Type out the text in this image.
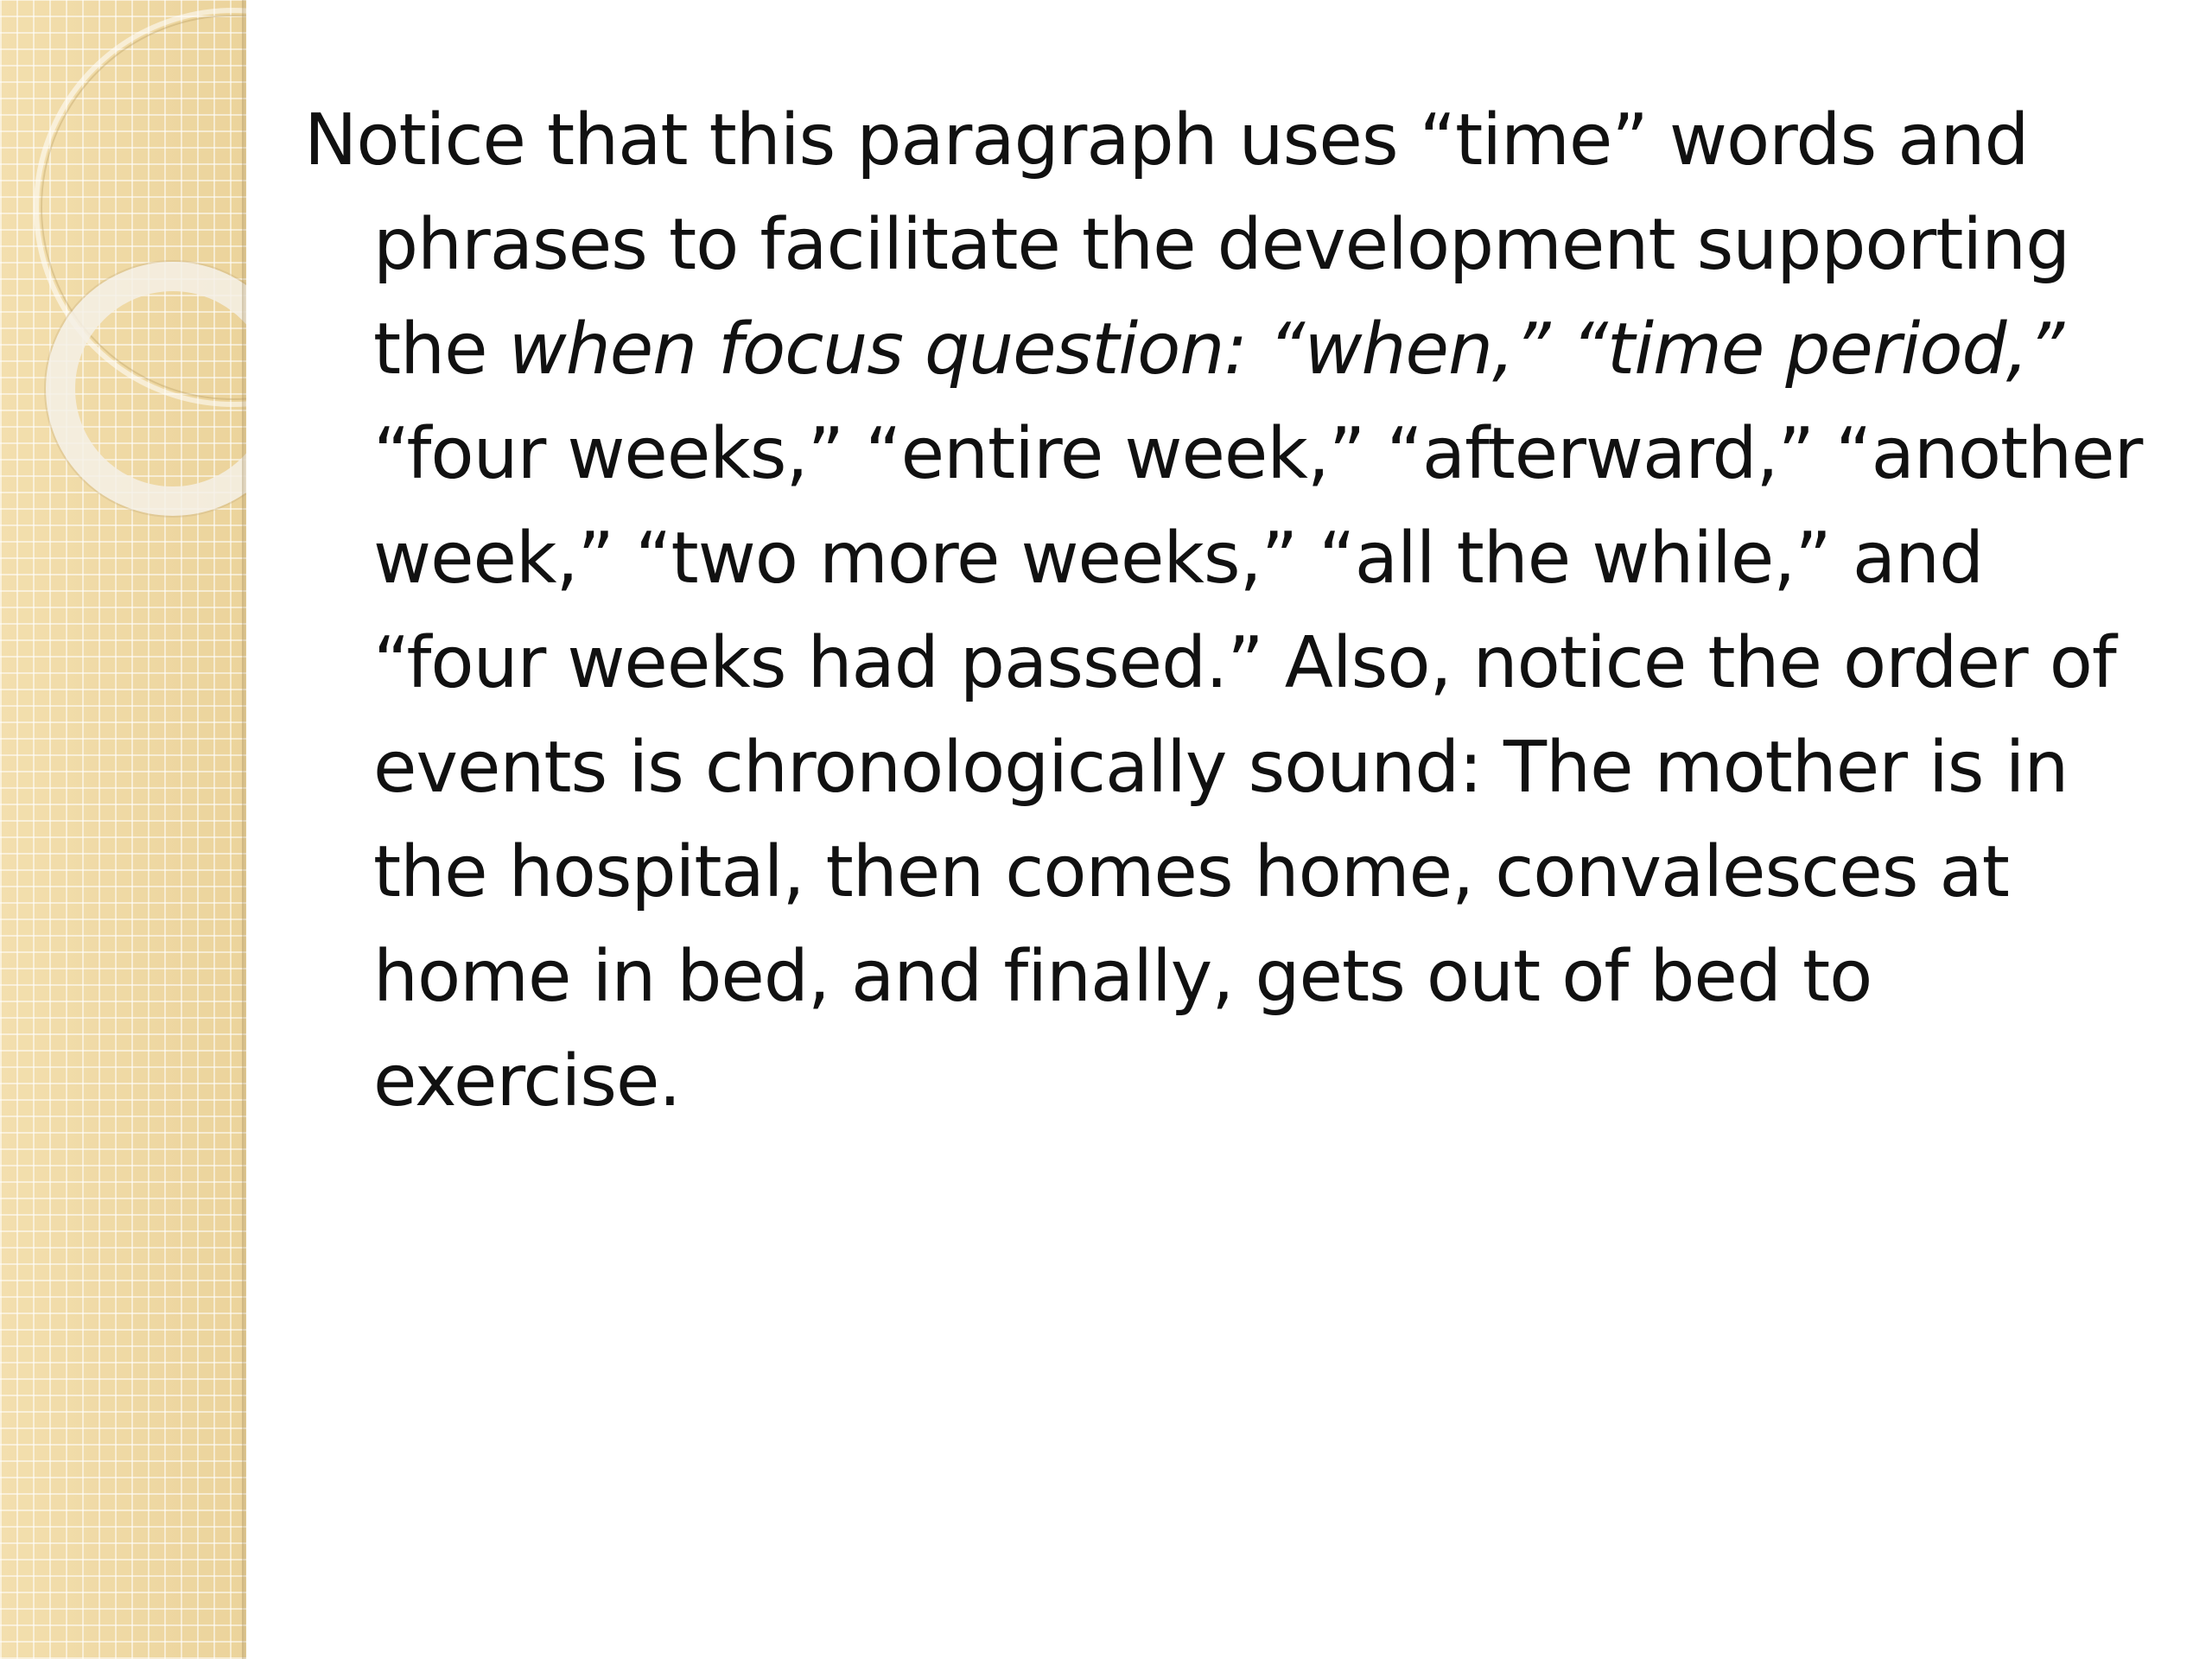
Notice that this paragraph uses “time” words and phrases to facilitate the development supporting the when focus question: “when,” “time period,” “four weeks,” “entire week,” “afterward,” “another week,” “two more weeks,” “all the while,” and “four weeks had passed.” Also, notice the order of events is chronologically sound: The mother is in the hospital, then comes home, convalesces at home in bed, and finally, gets out of bed to exercise.
